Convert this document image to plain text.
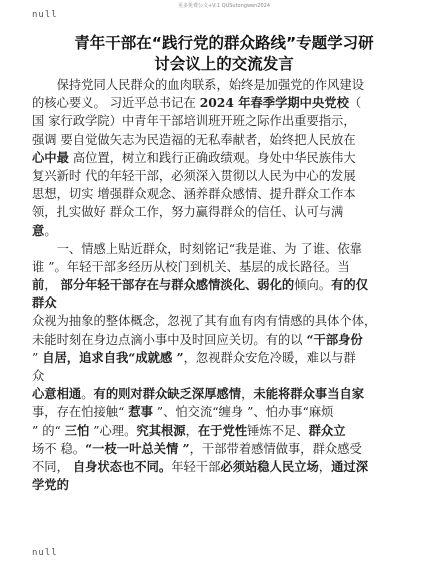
更多免费公文+V:1 QUSutongwen2024
null
青年干部在“践行党的群众路线”专题学习研
讨会议上的交流发言
　　保持党同人民群众的血肉联系，始终是加强党的作风建设
的核心要义。 习近平总书记在 2024 年春季学期中央党校（
国 家行政学院）中青年干部培训班开班之际作出重要指示，
强调 要自觉做矢志为民造福的无私奉献者，始终把人民放在
心中最 高位置，树立和践行正确政绩观。身处中华民族伟大
复兴新时 代的年轻干部，必须深入贯彻以人民为中心的发展
思想，切实 增强群众观念、涵养群众感情、提升群众工作本
领，扎实做好 群众工作，努力赢得群众的信任、认可与满
意。
　　一、情感上贴近群众，时刻铭记“我是谁、为 了谁、依靠
谁 ”。年轻干部多经历从校门到机关、基层的成长路径。当
前， 部分年轻干部存在与群众感情淡化、弱化的倾向。有的仅
群众
众视为抽象的整体概念，忽视了其有血有肉有情感的具体个体，
未能时刻在身边点滴小事中及时回应关切。有的以 “干部身份
” 自居，追求自我“成就感 ”，忽视群众安危冷暖，难以与群
众
心意相通。有的则对群众缺乏深厚感情，未能将群众事当自家
事，存在怕接触“ 惹事 ”、怕交流“缠身 ”、怕办事“麻烦
” 的“ 三怕 ”心理。究其根源，在于党性锤炼不足、群众立
场不 稳。“一枝一叶总关情 ”，干部带着感情做事，群众感受
不同， 自身状态也不同。年轻干部必须站稳人民立场，通过深
学党的
null
